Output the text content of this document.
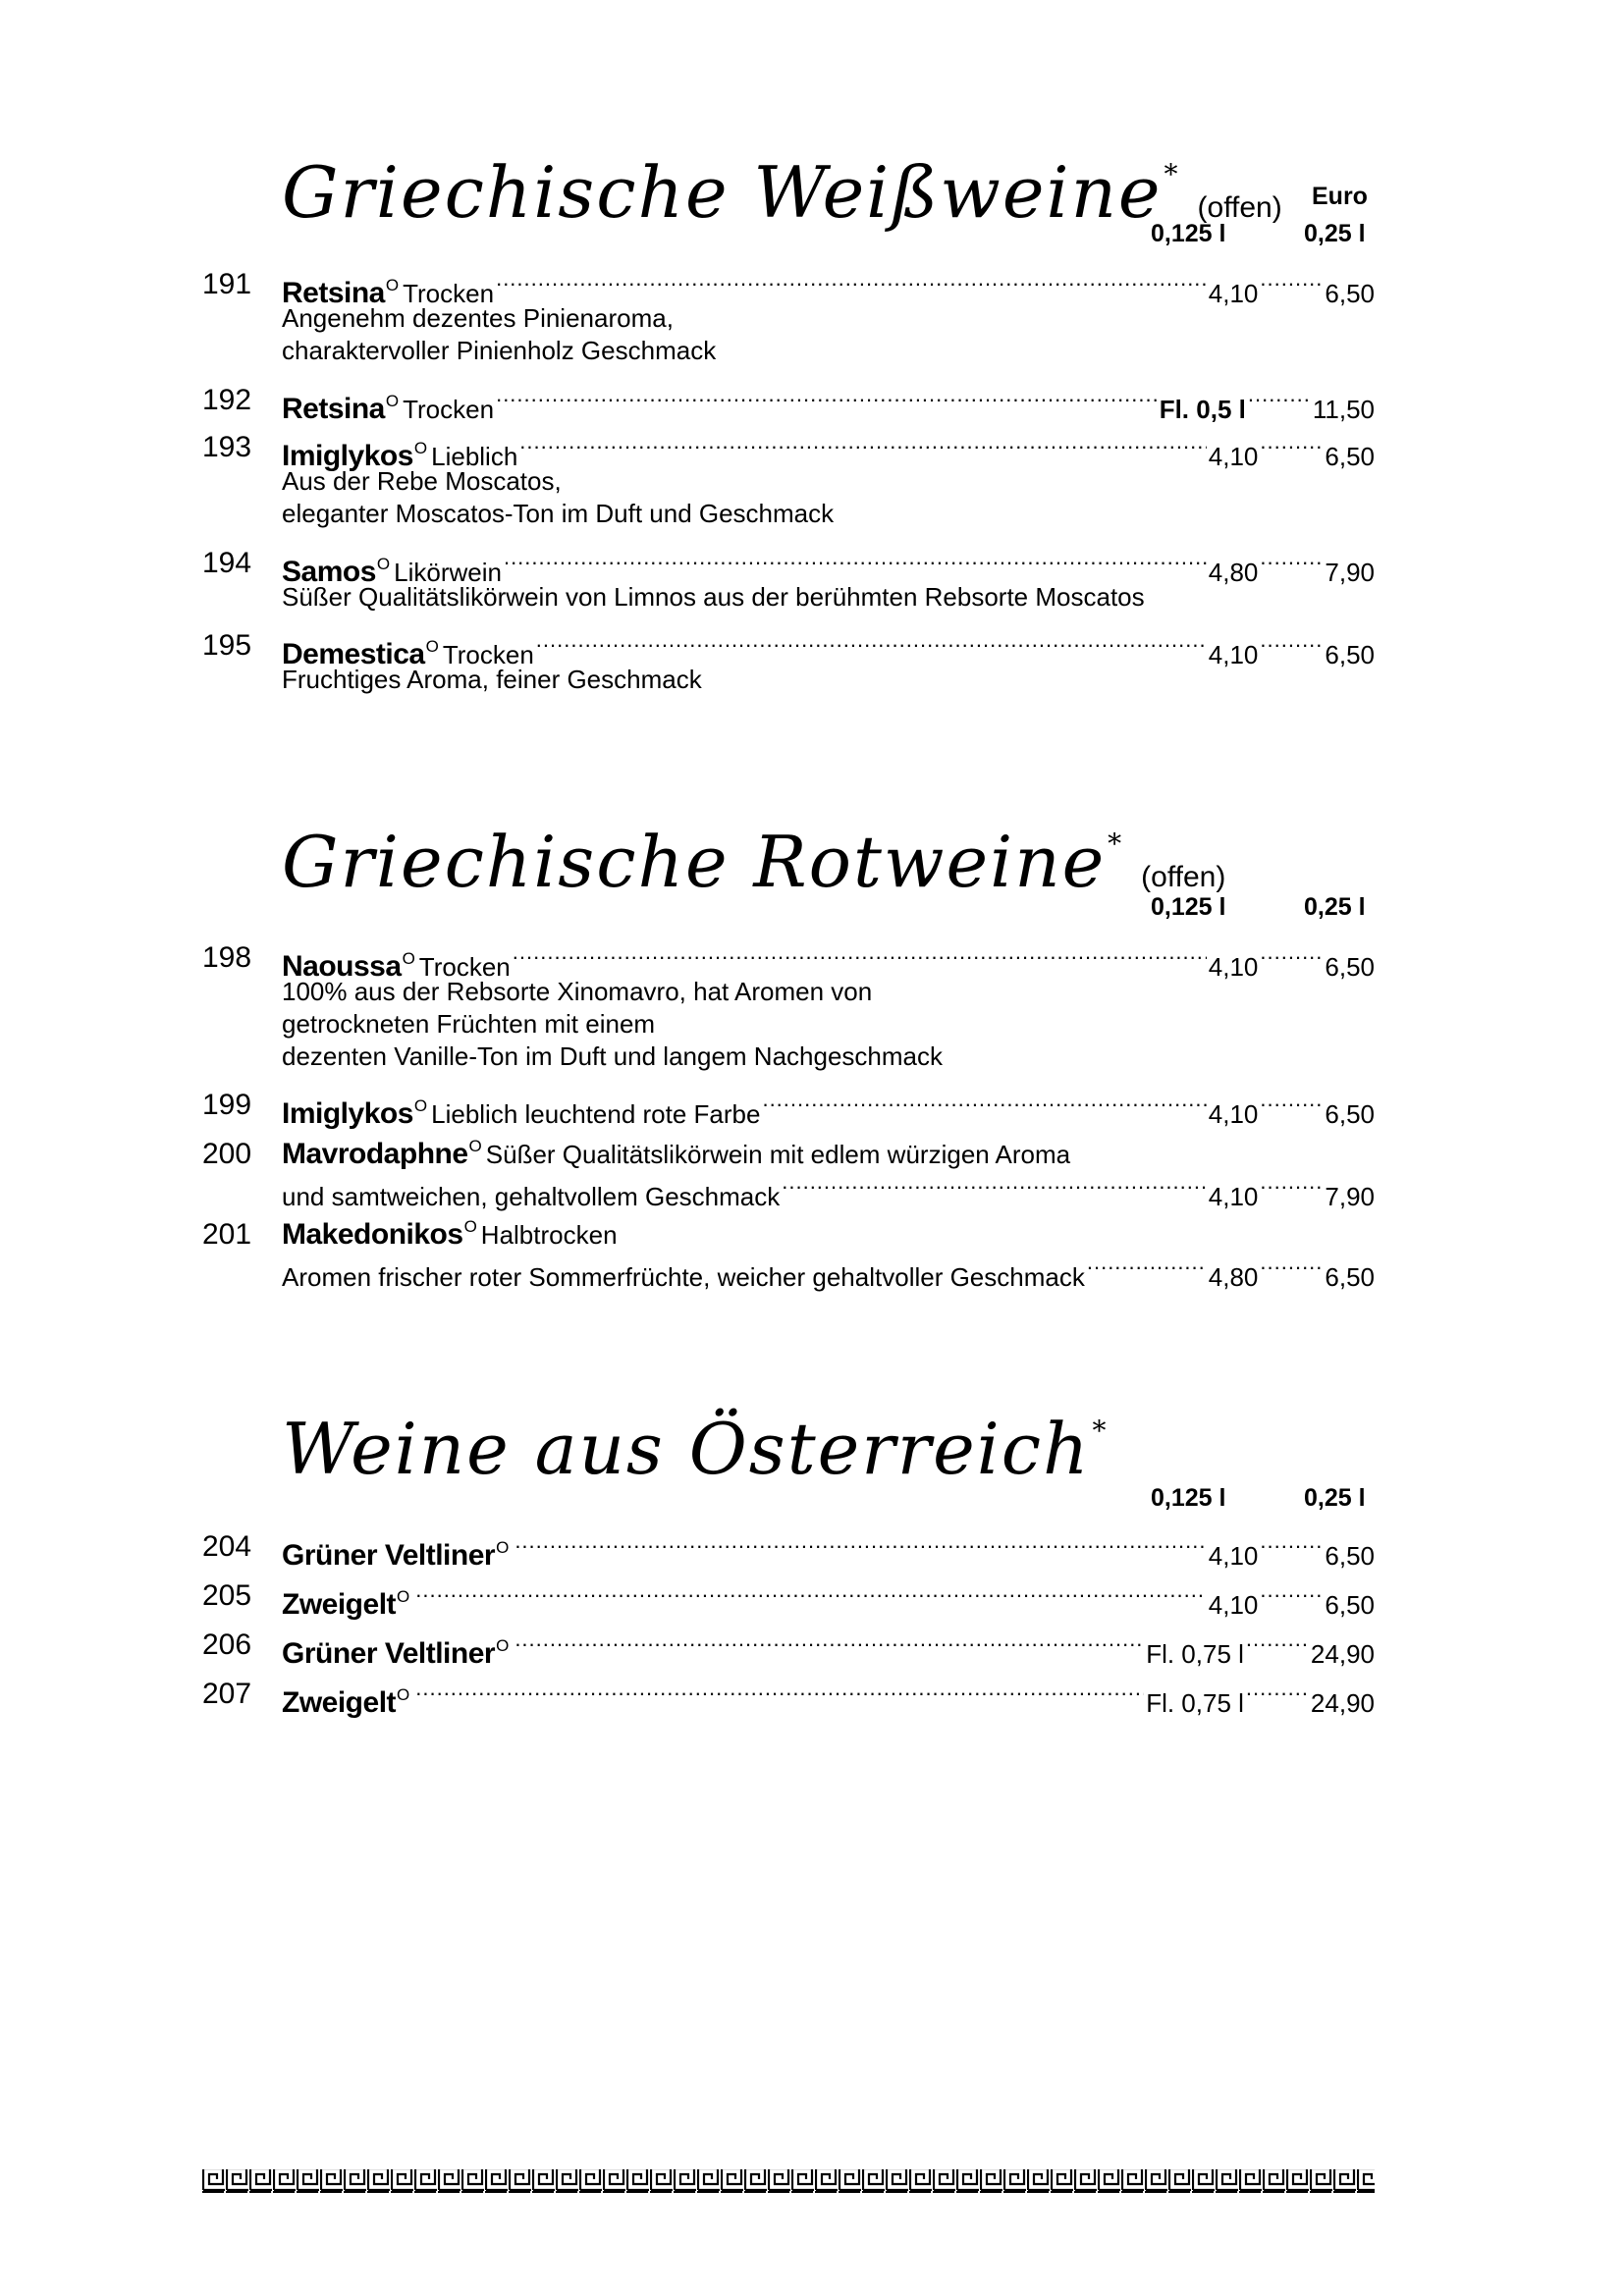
Griechische Weißweine*(offen) Euro
0,125 l	0,25 l
191 Retsina O Trocken .....	4,10 .....	6,50
Angenehm dezentes Pinienaroma,
charaktervoller Pinienholz Geschmack
192 Retsina O Trocken .....	Fl. 0,5 l .....	11,50
193 Imiglykos O Lieblich .....	4,10 .....	6,50
Aus der Rebe Moscatos,
eleganter Moscatos-Ton im Duft und Geschmack
194 Samos O Likörwein .....	4,80 .....	7,90
Süßer Qualitätslikörwein von Limnos aus der berühmten Rebsorte Moscatos
195 Demestica O Trocken .....	4,10 .....	6,50
Fruchtiges Aroma, feiner Geschmack
Griechische Rotweine*(offen)
0,125 l	0,25 l
198 Naoussa O Trocken .....	4,10 .....	6,50
100% aus der Rebsorte Xinomavro, hat Aromen von
getrockneten Früchten mit einem
dezenten Vanille-Ton im Duft und langem Nachgeschmack
199 Imiglykos O Lieblich leuchtend rote Farbe .....	4,10 .....	6,50
200 Mavrodaphne O Süßer Qualitätslikörwein mit edlem würzigen Aroma
und samtweichen, gehaltvollem Geschmack .....	4,10 .....	7,90
201 Makedonikos O Halbtrocken
Aromen frischer roter Sommerfrüchte, weicher gehaltvoller Geschmack .....	4,80 .....	6,50
Weine aus Österreich*
0,125 l	0,25 l
204 Grüner Veltliner O .....	4,10 .....	6,50
205 Zweigelt O .....	4,10 .....	6,50
206 Grüner Veltliner O .....	Fl. 0,75 l .....	24,90
207 Zweigelt O .....	Fl. 0,75 l .....	24,90
